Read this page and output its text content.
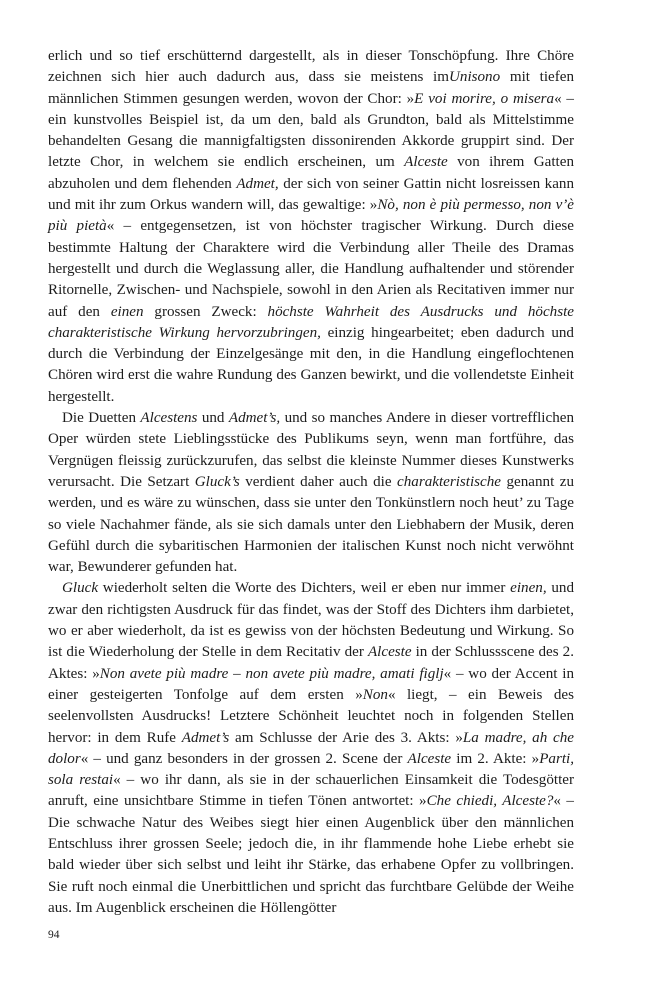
erlich und so tief erschütternd dargestellt, als in dieser Tonschöpfung. Ihre Chöre zeichnen sich hier auch dadurch aus, dass sie meistens imUnisono mit tiefen männlichen Stimmen gesungen werden, wovon der Chor: »E voi morire, o misera« – ein kunstvolles Beispiel ist, da um den, bald als Grundton, bald als Mittelstimme behandelten Gesang die mannigfaltigsten dissonirenden Akkorde gruppirt sind. Der letzte Chor, in welchem sie endlich erscheinen, um Alceste von ihrem Gatten abzuholen und dem flehenden Admet, der sich von seiner Gattin nicht losreissen kann und mit ihr zum Orkus wandern will, das gewaltige: »Nò, non è più permesso, non v’è più pietà« – entgegensetzen, ist von höchster tragischer Wirkung. Durch diese bestimmte Haltung der Charaktere wird die Verbindung aller Theile des Dramas hergestellt und durch die Weglassung aller, die Handlung aufhaltender und störender Ritornelle, Zwischen- und Nachspiele, sowohl in den Arien als Recitativen immer nur auf den einen grossen Zweck: höchste Wahrheit des Ausdrucks und höchste charakteristische Wirkung hervorzubringen, einzig hingearbeitet; eben dadurch und durch die Verbindung der Einzelgesänge mit den, in die Handlung eingeflochtenen Chören wird erst die wahre Rundung des Ganzen bewirkt, und die vollendetste Einheit hergestellt.

Die Duetten Alcestens und Admet’s, und so manches Andere in dieser vortrefflichen Oper würden stete Lieblingsstücke des Publikums seyn, wenn man fortführe, das Vergnügen fleissig zurückzurufen, das selbst die kleinste Nummer dieses Kunstwerks verursacht. Die Setzart Gluck’s verdient daher auch die charakteristische genannt zu werden, und es wäre zu wünschen, dass sie unter den Tonkünstlern noch heut’ zu Tage so viele Nachahmer fände, als sie sich damals unter den Liebhabern der Musik, deren Gefühl durch die sybaritischen Harmonien der italischen Kunst noch nicht verwöhnt war, Bewunderer gefunden hat.

Gluck wiederholt selten die Worte des Dichters, weil er eben nur immer einen, und zwar den richtigsten Ausdruck für das findet, was der Stoff des Dichters ihm darbietet, wo er aber wiederholt, da ist es gewiss von der höchsten Bedeutung und Wirkung. So ist die Wiederholung der Stelle in dem Recitativ der Alceste in der Schlussscene des 2. Aktes: »Non avete più madre – non avete più madre, amati figlj« – wo der Accent in einer gesteigerten Tonfolge auf dem ersten »Non« liegt, – ein Beweis des seelenvollsten Ausdrucks! Letztere Schönheit leuchtet noch in folgenden Stellen hervor: in dem Rufe Admet’s am Schlusse der Arie des 3. Akts: »La madre, ah che dolor« – und ganz besonders in der grossen 2. Scene der Alceste im 2. Akte: »Parti, sola restai« – wo ihr dann, als sie in der schauerlichen Einsamkeit die Todesgötter anruft, eine unsichtbare Stimme in tiefen Tönen antwortet: »Che chiedi, Alceste?« – Die schwache Natur des Weibes siegt hier einen Augenblick über den männlichen Entschluss ihrer grossen Seele; jedoch die, in ihr flammende hohe Liebe erhebt sie bald wieder über sich selbst und leiht ihr Stärke, das erhabene Opfer zu vollbringen. Sie ruft noch einmal die Unerbittlichen und spricht das furchtbare Gelübde der Weihe aus. Im Augenblick erscheinen die Höllengötter

94
